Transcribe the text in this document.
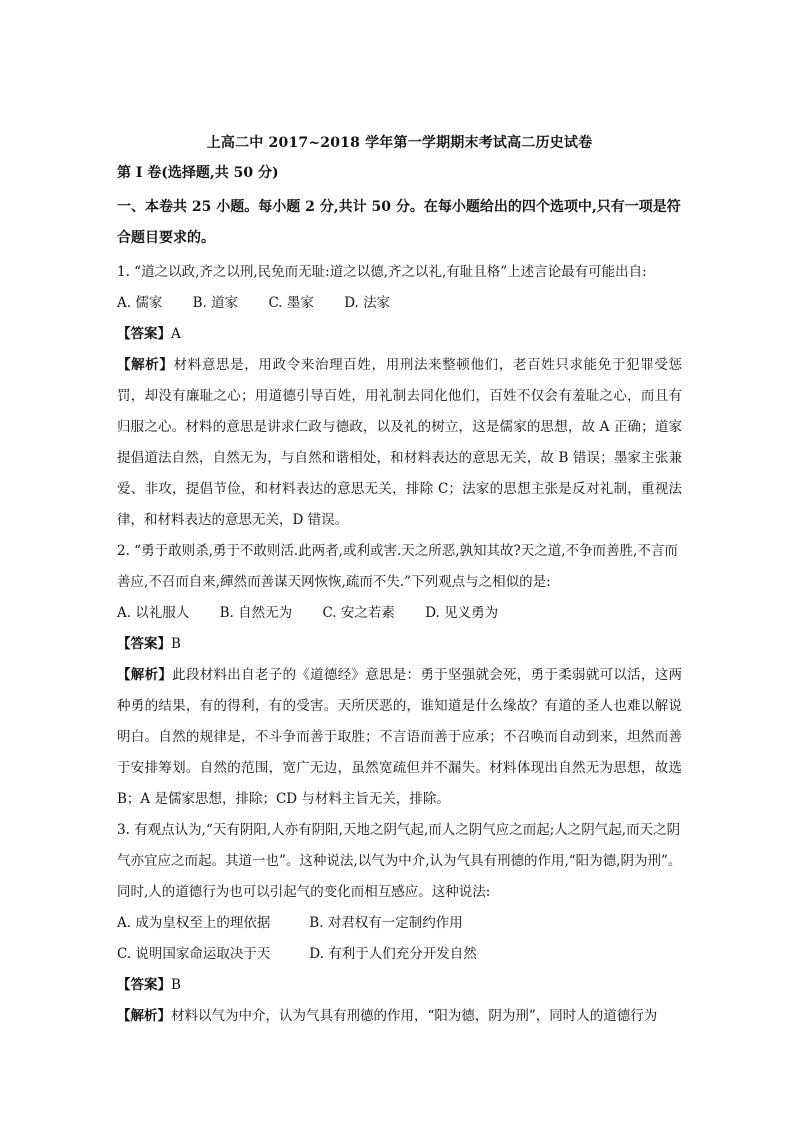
上高二中 2017~2018 学年第一学期期末考试高二历史试卷
第 I 卷(选择题,共 50 分)
一、本卷共 25 小题。每小题 2 分,共计 50 分。在每小题给出的四个选项中,只有一项是符合题目要求的。
1. “道之以政,齐之以刑,民免而无耻:道之以德,齐之以礼,有耻且格”上述言论最有可能出自:
A. 儒家 B. 道家 C. 墨家 D. 法家
【答案】A
【解析】材料意思是，用政令来治理百姓，用刑法来整顿他们，老百姓只求能免于犯罪受惩罚，却没有廉耻之心；用道德引导百姓，用礼制去同化他们，百姓不仅会有羞耻之心，而且有归服之心。材料的意思是讲求仁政与德政，以及礼的树立，这是儒家的思想，故 A 正确；道家提倡道法自然，自然无为，与自然和谐相处，和材料表达的意思无关，故 B 错误；墨家主张兼爱、非攻，提倡节俭，和材料表达的意思无关，排除 C；法家的思想主张是反对礼制，重视法律，和材料表达的意思无关，D 错误。
2. “勇于敢则杀,勇于不敢则活.此两者,或利或害.天之所恶,孰知其故?天之道,不争而善胜,不言而善应,不召而自来,繟然而善谋天网恢恢,疏而不失.”下列观点与之相似的是:
A. 以礼服人 B. 自然无为 C. 安之若素 D. 见义勇为
【答案】B
【解析】此段材料出自老子的《道德经》意思是：勇于坚强就会死，勇于柔弱就可以活，这两种勇的结果，有的得利，有的受害。天所厌恶的，谁知道是什么缘故？有道的圣人也难以解说明白。自然的规律是，不斗争而善于取胜；不言语而善于应承；不召唤而自动到来，坦然而善于安排筹划。自然的范围，宽广无边，虽然宽疏但并不漏失。材料体现出自然无为思想，故选 B；A 是儒家思想，排除；CD 与材料主旨无关，排除。
3. 有观点认为,“天有阴阳,人亦有阴阳,天地之阴气起,而人之阴气应之而起;人之阴气起,而天之阴气亦宜应之而起。其道一也”。这种说法,以气为中介,认为气具有刑德的作用,“阳为德,阴为刑”。同时,人的道德行为也可以引起气的变化而相互感应。这种说法:
A. 成为皇权至上的理依据	B. 对君权有一定制约作用
C. 说明国家命运取决于天	D. 有利于人们充分开发自然
【答案】B
【解析】材料以气为中介，认为气具有刑德的作用，“阳为德，阴为刑”，同时人的道德行为
